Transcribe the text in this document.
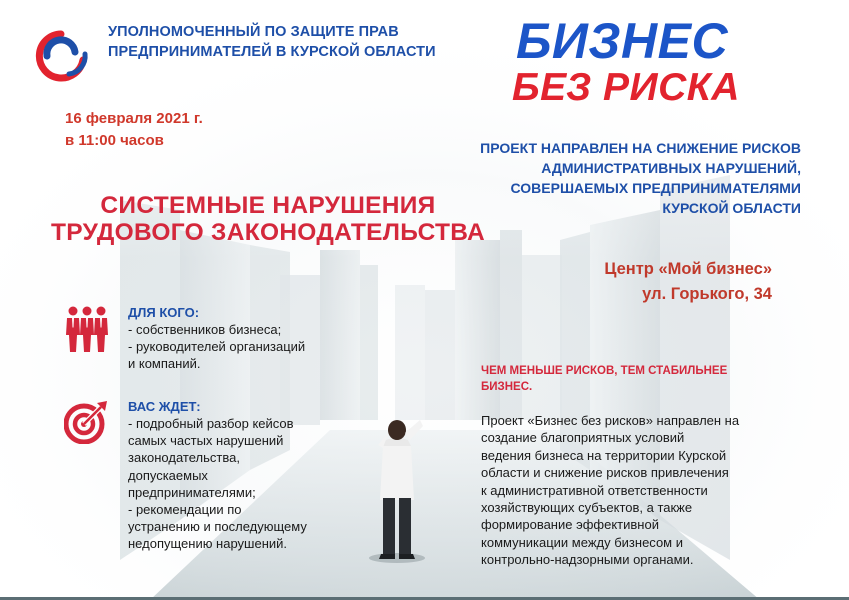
УПОЛНОМОЧЕННЫЙ ПО ЗАЩИТЕ ПРАВ
ПРЕДПРИНИМАТЕЛЕЙ В КУРСКОЙ ОБЛАСТИ	БИЗНЕС
БЕЗ РИСКА
16 февраля 2021 г.
в 11:00 часов	ПРОЕКТ НАПРАВЛЕН НА СНИЖЕНИЕ РИСКОВ
АДМИНИСТРАТИВНЫХ НАРУШЕНИЙ,
СОВЕРШАЕМЫХ ПРЕДПРИНИМАТЕЛЯМИ
КУРСКОЙ ОБЛАСТИ
СИСТЕМНЫЕ НАРУШЕНИЯ
ТРУДОВОГО ЗАКОНОДАТЕЛЬСТВА
Центр «Мой бизнес»
ул. Горького, 34
ДЛЯ КОГО:
- собственников бизнеса;
- руководителей организаций
и компаний.
ВАС ЖДЕТ:
- подробный разбор кейсов
самых частых нарушений
законодательства,
допускаемых
предпринимателями;
- рекомендации по
устранению и последующему
недопущению нарушений.
ЧЕМ МЕНЬШЕ РИСКОВ, ТЕМ СТАБИЛЬНЕЕ
БИЗНЕС.
Проект «Бизнес без рисков» направлен на
создание благоприятных условий
ведения бизнеса на территории Курской
области и снижение рисков привлечения
к административной ответственности
хозяйствующих субъектов, а также
формирование эффективной
коммуникации между бизнесом и
контрольно-надзорными органами.
